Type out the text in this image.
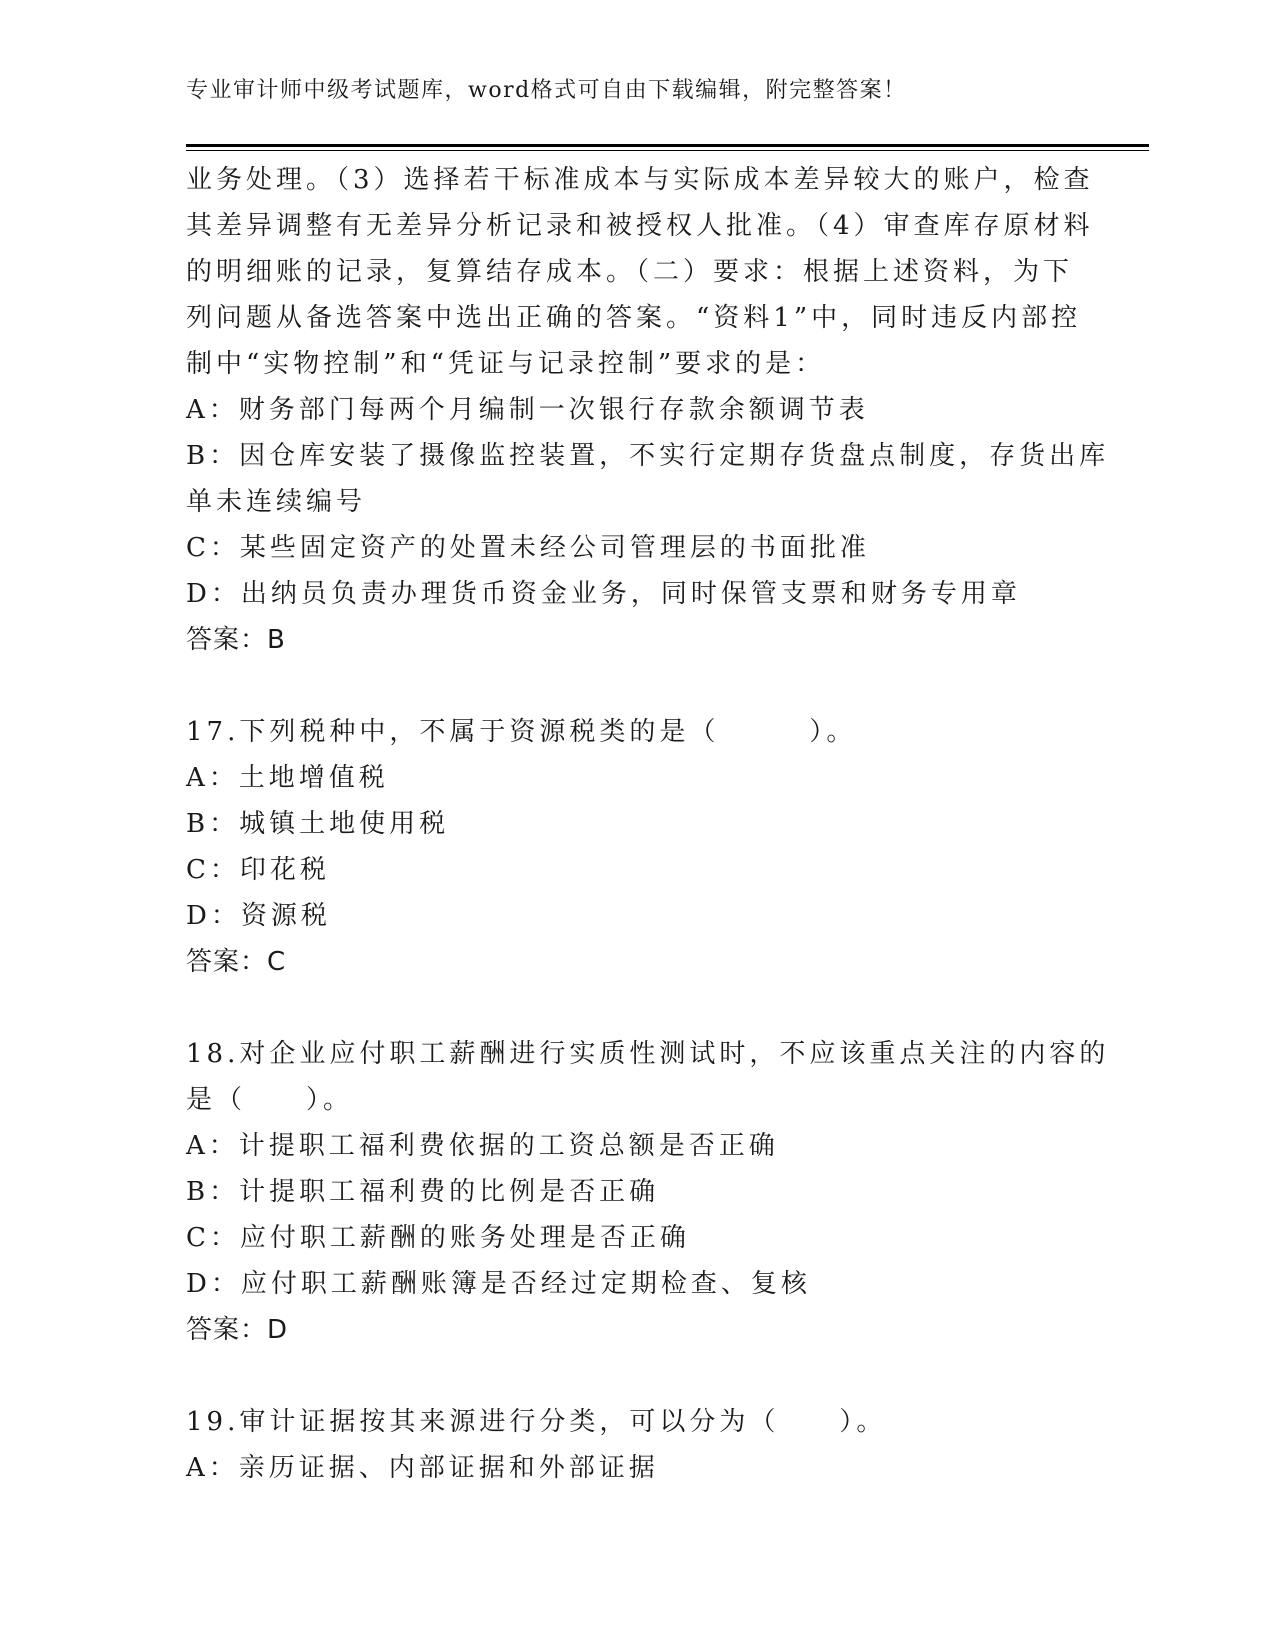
专业审计师中级考试题库，word格式可自由下载编辑，附完整答案！
业务处理。（3）选择若干标准成本与实际成本差异较大的账户，检查
其差异调整有无差异分析记录和被授权人批准。（4）审查库存原材料
的明细账的记录，复算结存成本。（二）要求：根据上述资料，为下
列问题从备选答案中选出正确的答案。“资料1”中，同时违反内部控
制中“实物控制”和“凭证与记录控制”要求的是：
A：财务部门每两个月编制一次银行存款余额调节表
B：因仓库安装了摄像监控装置，不实行定期存货盘点制度，存货出库
单未连续编号
C：某些固定资产的处置未经公司管理层的书面批准
D：出纳员负责办理货币资金业务，同时保管支票和财务专用章
答案：B
17.下列税种中，不属于资源税类的是（　　　）。
A：土地增值税
B：城镇土地使用税
C：印花税
D：资源税
答案：C
18.对企业应付职工薪酬进行实质性测试时，不应该重点关注的内容的
是（　　）。
A：计提职工福利费依据的工资总额是否正确
B：计提职工福利费的比例是否正确
C：应付职工薪酬的账务处理是否正确
D：应付职工薪酬账簿是否经过定期检查、复核
答案：D
19.审计证据按其来源进行分类，可以分为（　　）。
A：亲历证据、内部证据和外部证据
